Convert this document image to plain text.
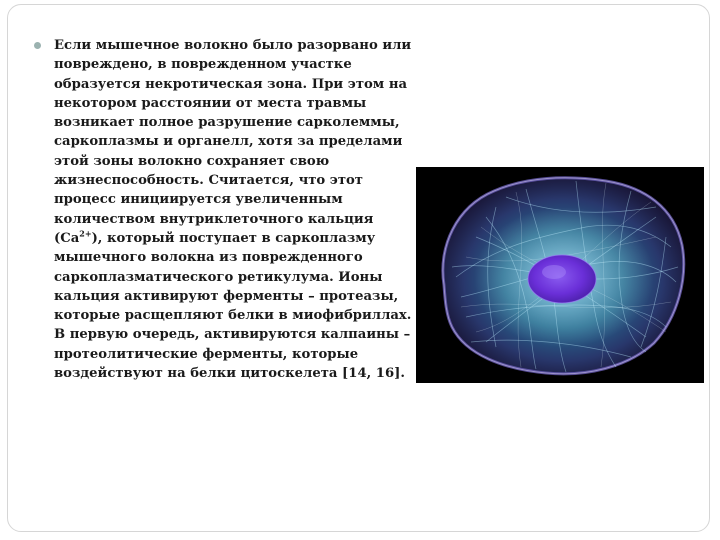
Если мышечное волокно было разорвано или
повреждено, в поврежденном участке
образуется некротическая зона. При этом на
некотором расстоянии от места травмы
возникает полное разрушение сарколеммы,
саркоплазмы и органелл, хотя за пределами
этой зоны волокно сохраняет свою
жизнеспособность. Считается, что этот
процесс инициируется увеличенным
количеством внутриклеточного кальция
$(Ca^{2+})$, который поступает в саркоплазму
мышечного волокна из поврежденного
саркоплазматического ретикулума. Ионы
кальция активируют ферменты – протеазы,
которые расщепляют белки в миофибриллах.
В первую очередь, активируются калпаины –
протеолитические ферменты, которые
воздействуют на белки цитоскелета [14, 16].
